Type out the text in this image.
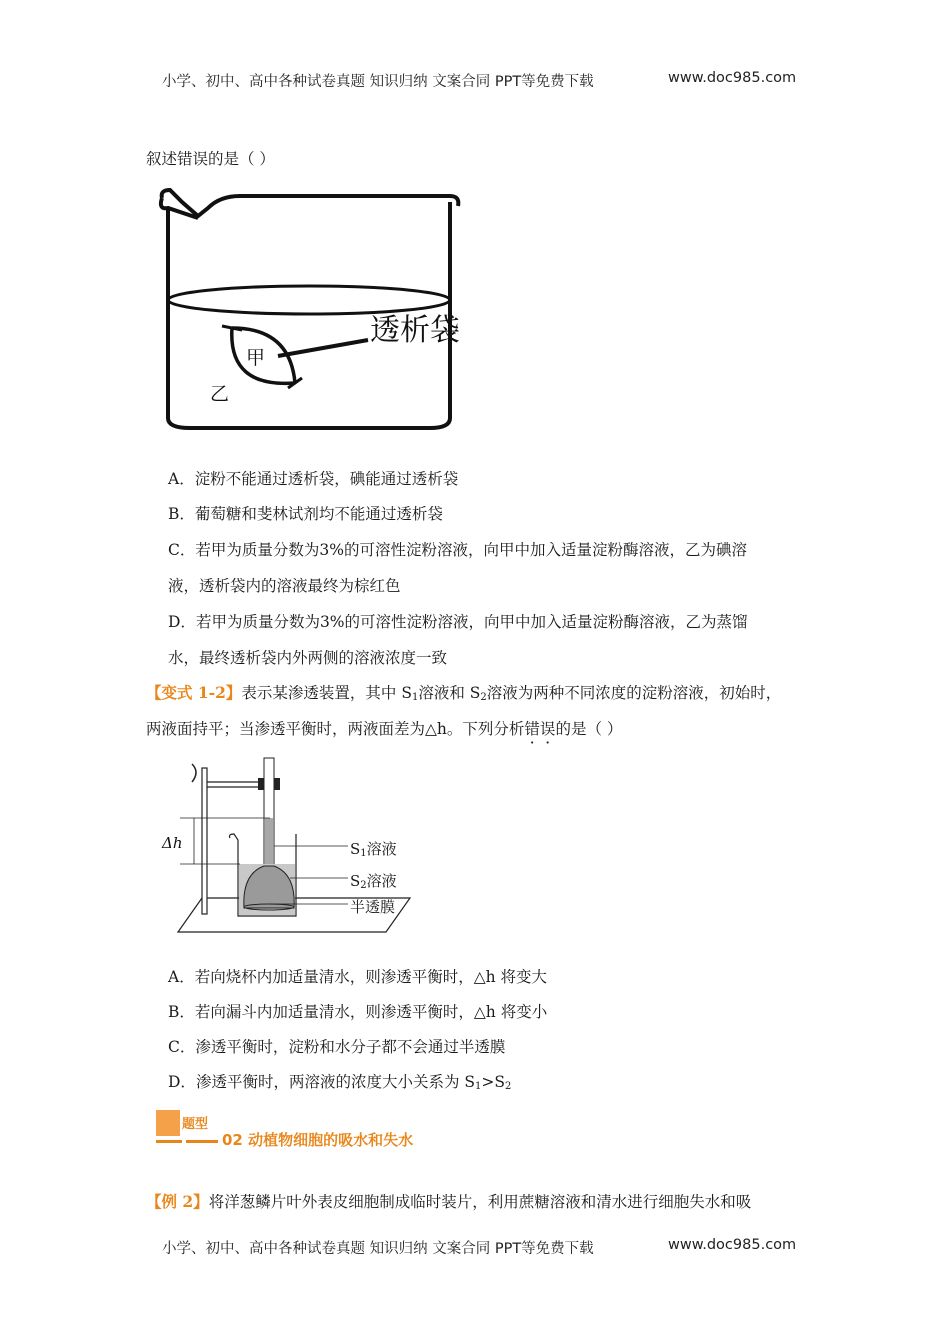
小学、初中、高中各种试卷真题 知识归纳 文案合同 PPT等免费下载	www.doc985.com
叙述错误的是（ ）
透析袋
甲
乙
A．淀粉不能通过透析袋，碘能通过透析袋
B．葡萄糖和斐林试剂均不能通过透析袋
C．若甲为质量分数为3%的可溶性淀粉溶液，向甲中加入适量淀粉酶溶液，乙为碘溶
液，透析袋内的溶液最终为棕红色
D．若甲为质量分数为3%的可溶性淀粉溶液，向甲中加入适量淀粉酶溶液，乙为蒸馏
水，最终透析袋内外两侧的溶液浓度一致
【变式 1-2】表示某渗透装置，其中 $S_1$溶液和 $S_2$溶液为两种不同浓度的淀粉溶液，初始时，
两液面持平；当渗透平衡时，两液面差为△h。下列分析错误的是（ ）
Δh	$S_1$溶液
$S_2$溶液
半透膜
A．若向烧杯内加适量清水，则渗透平衡时，△h 将变大
B．若向漏斗内加适量清水，则渗透平衡时，△h 将变小
C．渗透平衡时，淀粉和水分子都不会通过半透膜
D．渗透平衡时，两溶液的浓度大小关系为 $S_1>S_2$
题型
02 动植物细胞的吸水和失水
【例 2】将洋葱鳞片叶外表皮细胞制成临时装片，利用蔗糖溶液和清水进行细胞失水和吸
小学、初中、高中各种试卷真题 知识归纳 文案合同 PPT等免费下载	www.doc985.com
